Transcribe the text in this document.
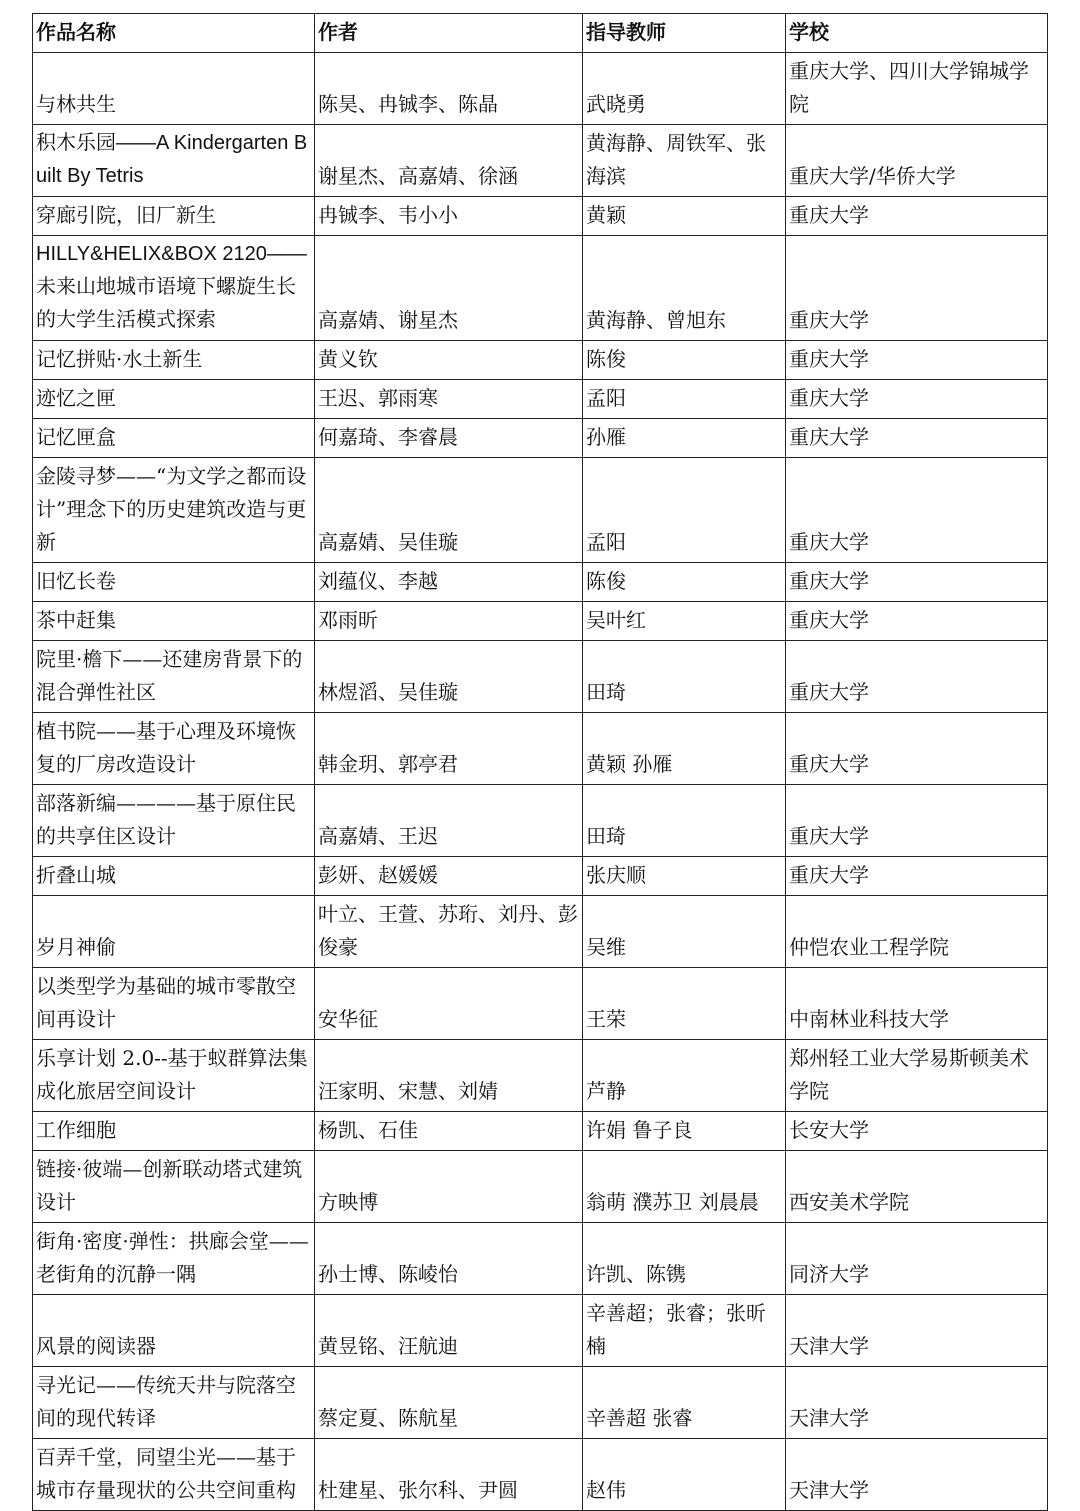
作品名称	作者	指导教师	学校
与林共生	陈昊、冉铖李、陈晶	武晓勇	重庆大学、四川大学锦城学院
积木乐园——A Kindergarten Built By Tetris	谢星杰、高嘉婧、徐涵	黄海静、周铁军、张海滨	重庆大学/华侨大学
穿廊引院，旧厂新生	冉铖李、韦小小	黄颖	重庆大学
HILLY&HELIX&BOX 2120——未来山地城市语境下螺旋生长的大学生活模式探索	高嘉婧、谢星杰	黄海静、曾旭东	重庆大学
记忆拼贴·水土新生	黄义钦	陈俊	重庆大学
迹忆之匣	王迟、郭雨寒	孟阳	重庆大学
记忆匣盒	何嘉琦、李睿晨	孙雁	重庆大学
金陵寻梦——“为文学之都而设计”理念下的历史建筑改造与更新	高嘉婧、吴佳璇	孟阳	重庆大学
旧忆长卷	刘蕴仪、李越	陈俊	重庆大学
茶中赶集	邓雨昕	吴叶红	重庆大学
院里·檐下——还建房背景下的混合弹性社区	林煜滔、吴佳璇	田琦	重庆大学
植书院——基于心理及环境恢复的厂房改造设计	韩金玥、郭亭君	黄颖 孙雁	重庆大学
部落新编————基于原住民的共享住区设计	高嘉婧、王迟	田琦	重庆大学
折叠山城	彭妍、赵媛媛	张庆顺	重庆大学
岁月神偷	叶立、王萱、苏珩、刘丹、彭俊豪	吴维	仲恺农业工程学院
以类型学为基础的城市零散空间再设计	安华征	王荣	中南林业科技大学
乐享计划 2.0--基于蚁群算法集成化旅居空间设计	汪家明、宋慧、刘婧	芦静	郑州轻工业大学易斯顿美术学院
工作细胞	杨凯、石佳	许娟 鲁子良	长安大学
链接·彼端—创新联动塔式建筑设计	方映博	翁萌 濮苏卫 刘晨晨	西安美术学院
街角·密度·弹性：拱廊会堂——老街角的沉静一隅	孙士博、陈崚怡	许凯、陈镌	同济大学
风景的阅读器	黄昱铭、汪航迪	辛善超；张睿；张昕楠	天津大学
寻光记——传统天井与院落空间的现代转译	蔡定夏、陈航星	辛善超 张睿	天津大学
百弄千堂，同望尘光——基于城市存量现状的公共空间重构	杜建星、张尔科、尹圆	赵伟	天津大学
